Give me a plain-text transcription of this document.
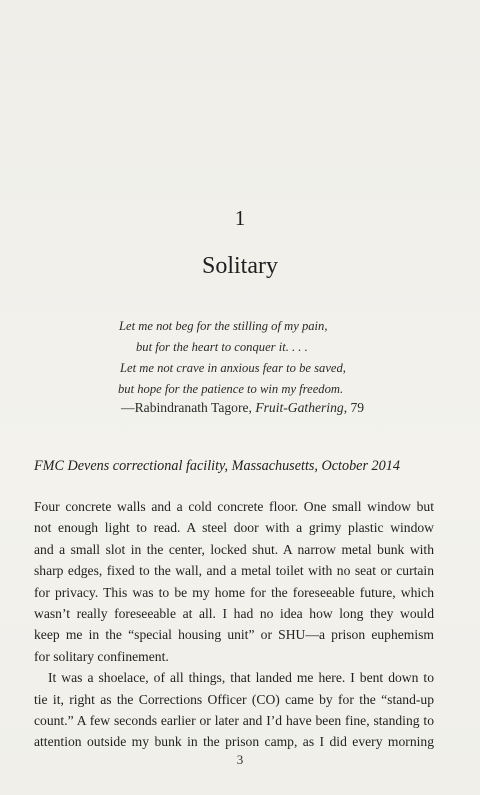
1
Solitary
Let me not beg for the stilling of my pain,
but for the heart to conquer it. . . .
Let me not crave in anxious fear to be saved,
but hope for the patience to win my freedom.
—Rabindranath Tagore, Fruit-Gathering, 79
FMC Devens correctional facility, Massachusetts, October 2014
Four concrete walls and a cold concrete floor. One small window but
not enough light to read. A steel door with a grimy plastic window
and a small slot in the center, locked shut. A narrow metal bunk with
sharp edges, fixed to the wall, and a metal toilet with no seat or curtain
for privacy. This was to be my home for the foreseeable future, which
wasn’t really foreseeable at all. I had no idea how long they would
keep me in the “special housing unit” or SHU—a prison euphemism
for solitary confinement.
It was a shoelace, of all things, that landed me here. I bent down to
tie it, right as the Corrections Officer (CO) came by for the “stand-up
count.” A few seconds earlier or later and I’d have been fine, standing to
attention outside my bunk in the prison camp, as I did every morning
3
